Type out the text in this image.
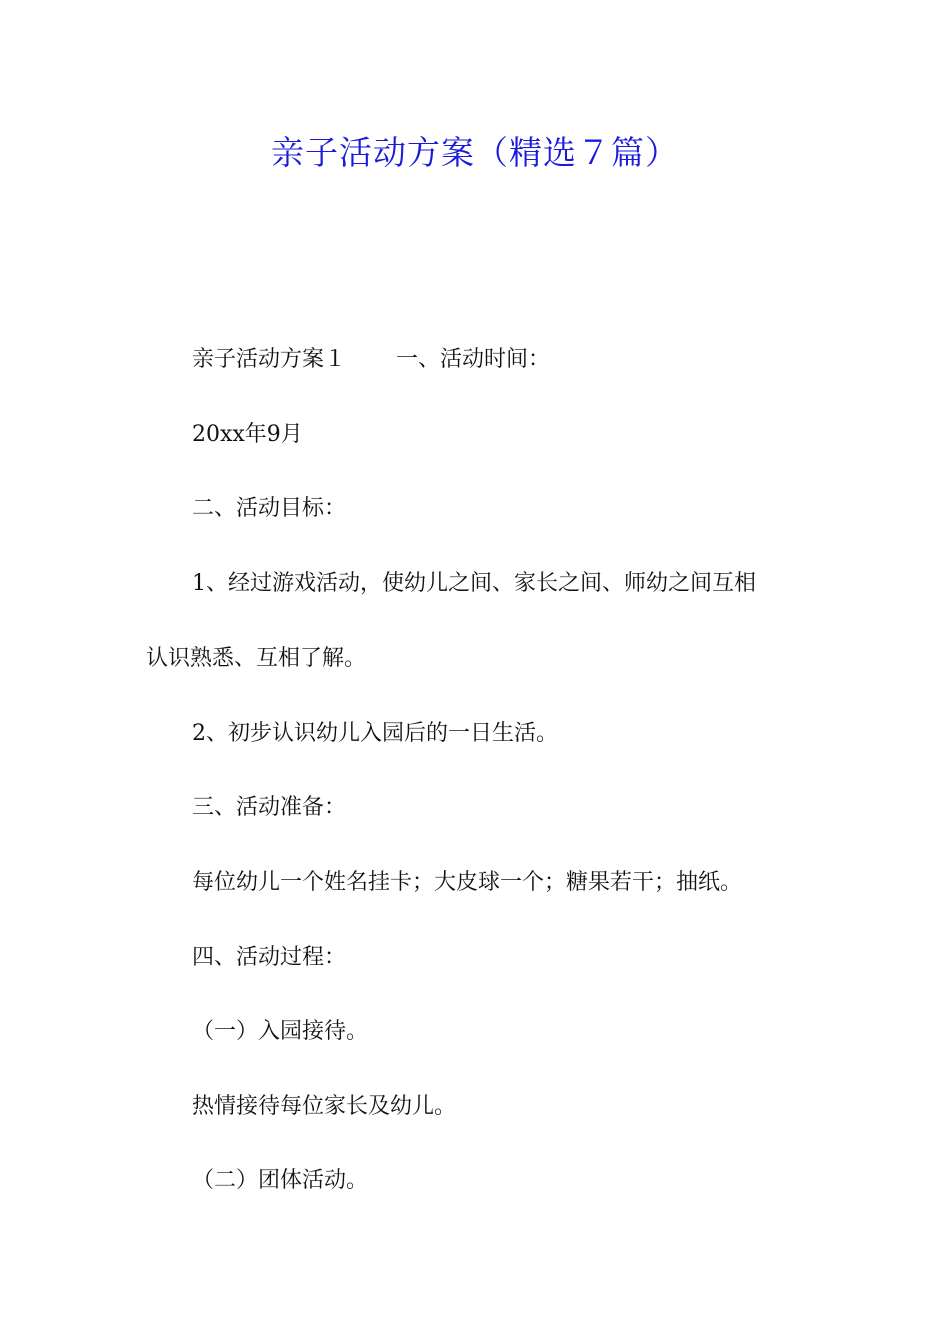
亲子活动方案（精选７篇）
亲子活动方案１ 一、活动时间：
20xx年9月
二、活动目标：
1、经过游戏活动，使幼儿之间、家长之间、师幼之间互相
认识熟悉、互相了解。
2、初步认识幼儿入园后的一日生活。
三、活动准备：
每位幼儿一个姓名挂卡；大皮球一个；糖果若干；抽纸。
四、活动过程：
（一）入园接待。
热情接待每位家长及幼儿。
（二）团体活动。
